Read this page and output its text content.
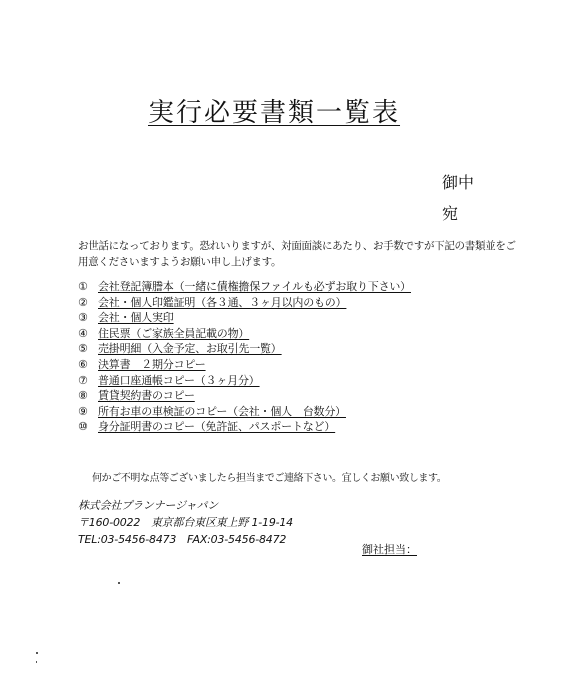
実行必要書類一覧表
御中
宛
お世話になっております。恐れいりますが、対面面談にあたり、お手数ですが下記の書類並をご用意くださいますようお願い申し上げます。
① 会社登記簿謄本（一緒に債権擔保ファイルも必ずお取り下さい）
② 会社・個人印鑑証明（各３通、３ヶ月以内のもの）
③ 会社・個人実印
④ 住民票（ご家族全員記載の物）
⑤ 売掛明細（入金予定、お取引先一覧）
⑥ 決算書　２期分コピー
⑦ 普通口座通帳コピー（３ヶ月分）
⑧ 賃貸契約書のコピー
⑨ 所有お車の車検証のコピー（会社・個人　台数分）
⑩ 身分証明書のコピー（免許証、パスポートなど）
何かご不明な点等ございましたら担当までご連絡下さい。宜しくお願い致します。
株式会社プランナージャパン
〒160-0022　東京都台東区東上野 1-19-14
TEL:03-5456-8473　FAX:03-5456-8472
御社担当：
